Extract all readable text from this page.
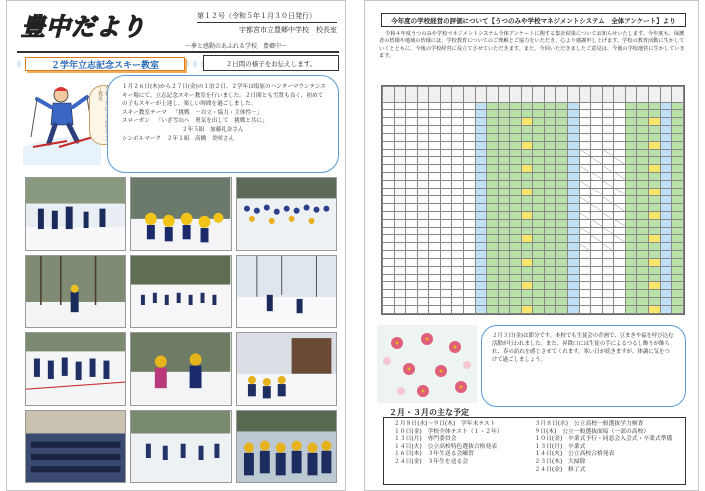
豊中だより	第１２号（令和５年１月３０日発行）
宇都宮市立豊郷中学校　校長室
～夢と感動のあふれる学校　豊郷中～
２学年立志記念スキー教室	２日間の様子をお伝えします。
ー教室

１月２６日(木)から２７日(金)の１泊２日、２学年は塩原のハンターマウンテンスキー場にて、立志記念スキー教室を行いました。２日間とも雪質も良く、初めての子もスキーが上達し、楽しい時間を過ごしました。

スキー教室テーマ 「挑戦　－自立・協力・主体性－」
スローガン 「いざ雪山へ　勇気を出して　挑戦と共に」
２年５組　加藤礼奈さん
シンボルマーク ２年１組　高橋　美咲さん
今年度の学校経営の評価について【うつのみや学校マネジメントシステム　全体アンケート】より

令和４年度うつのみや学校マネジメントシステム全体アンケートに関する集計結果についてお知らせいたします。今年度も、保護者の皆様や地域の皆様には、学校教育についてのご理解とご協力をいただき、心より感謝申し上げます。学校の教育活動に生かしていくとともに、今後の学校経営に役立てさせていただきます。また、今回いただきましたご意見は、今後の学校運営に生かしていきます。

２月３日(金)は節分です。本校でも生徒会の企画で、豆まきや福を呼び込む活動が行われました。また、昇降口には生徒の手によるつるし飾りが飾られ、春の訪れを感じさせてくれます。寒い日が続きますが、体調に気をつけて過ごしましょう。

２月・３月の主な予定
２月８日(水)～９日(木)　学年末テスト
１０日(金)　学校全体テスト（１・２年）
１３日(月)　専門委員会
１４日(火)　公立高校特色選抜合格発表
１６日(木)　３年生送る会練習
２４日(金)　３年生を送る会
３月８日(水)　公立高校一般選抜学力検査
９日(木)　公立一般選抜面接（一部の高校）
１０日(金)　卒業式予行・同窓会入会式・卒業式準備
１３日(月)　卒業式
１４日(火)　公立高校合格発表
２３日(木)　大掃除
２４日(金)　修了式
